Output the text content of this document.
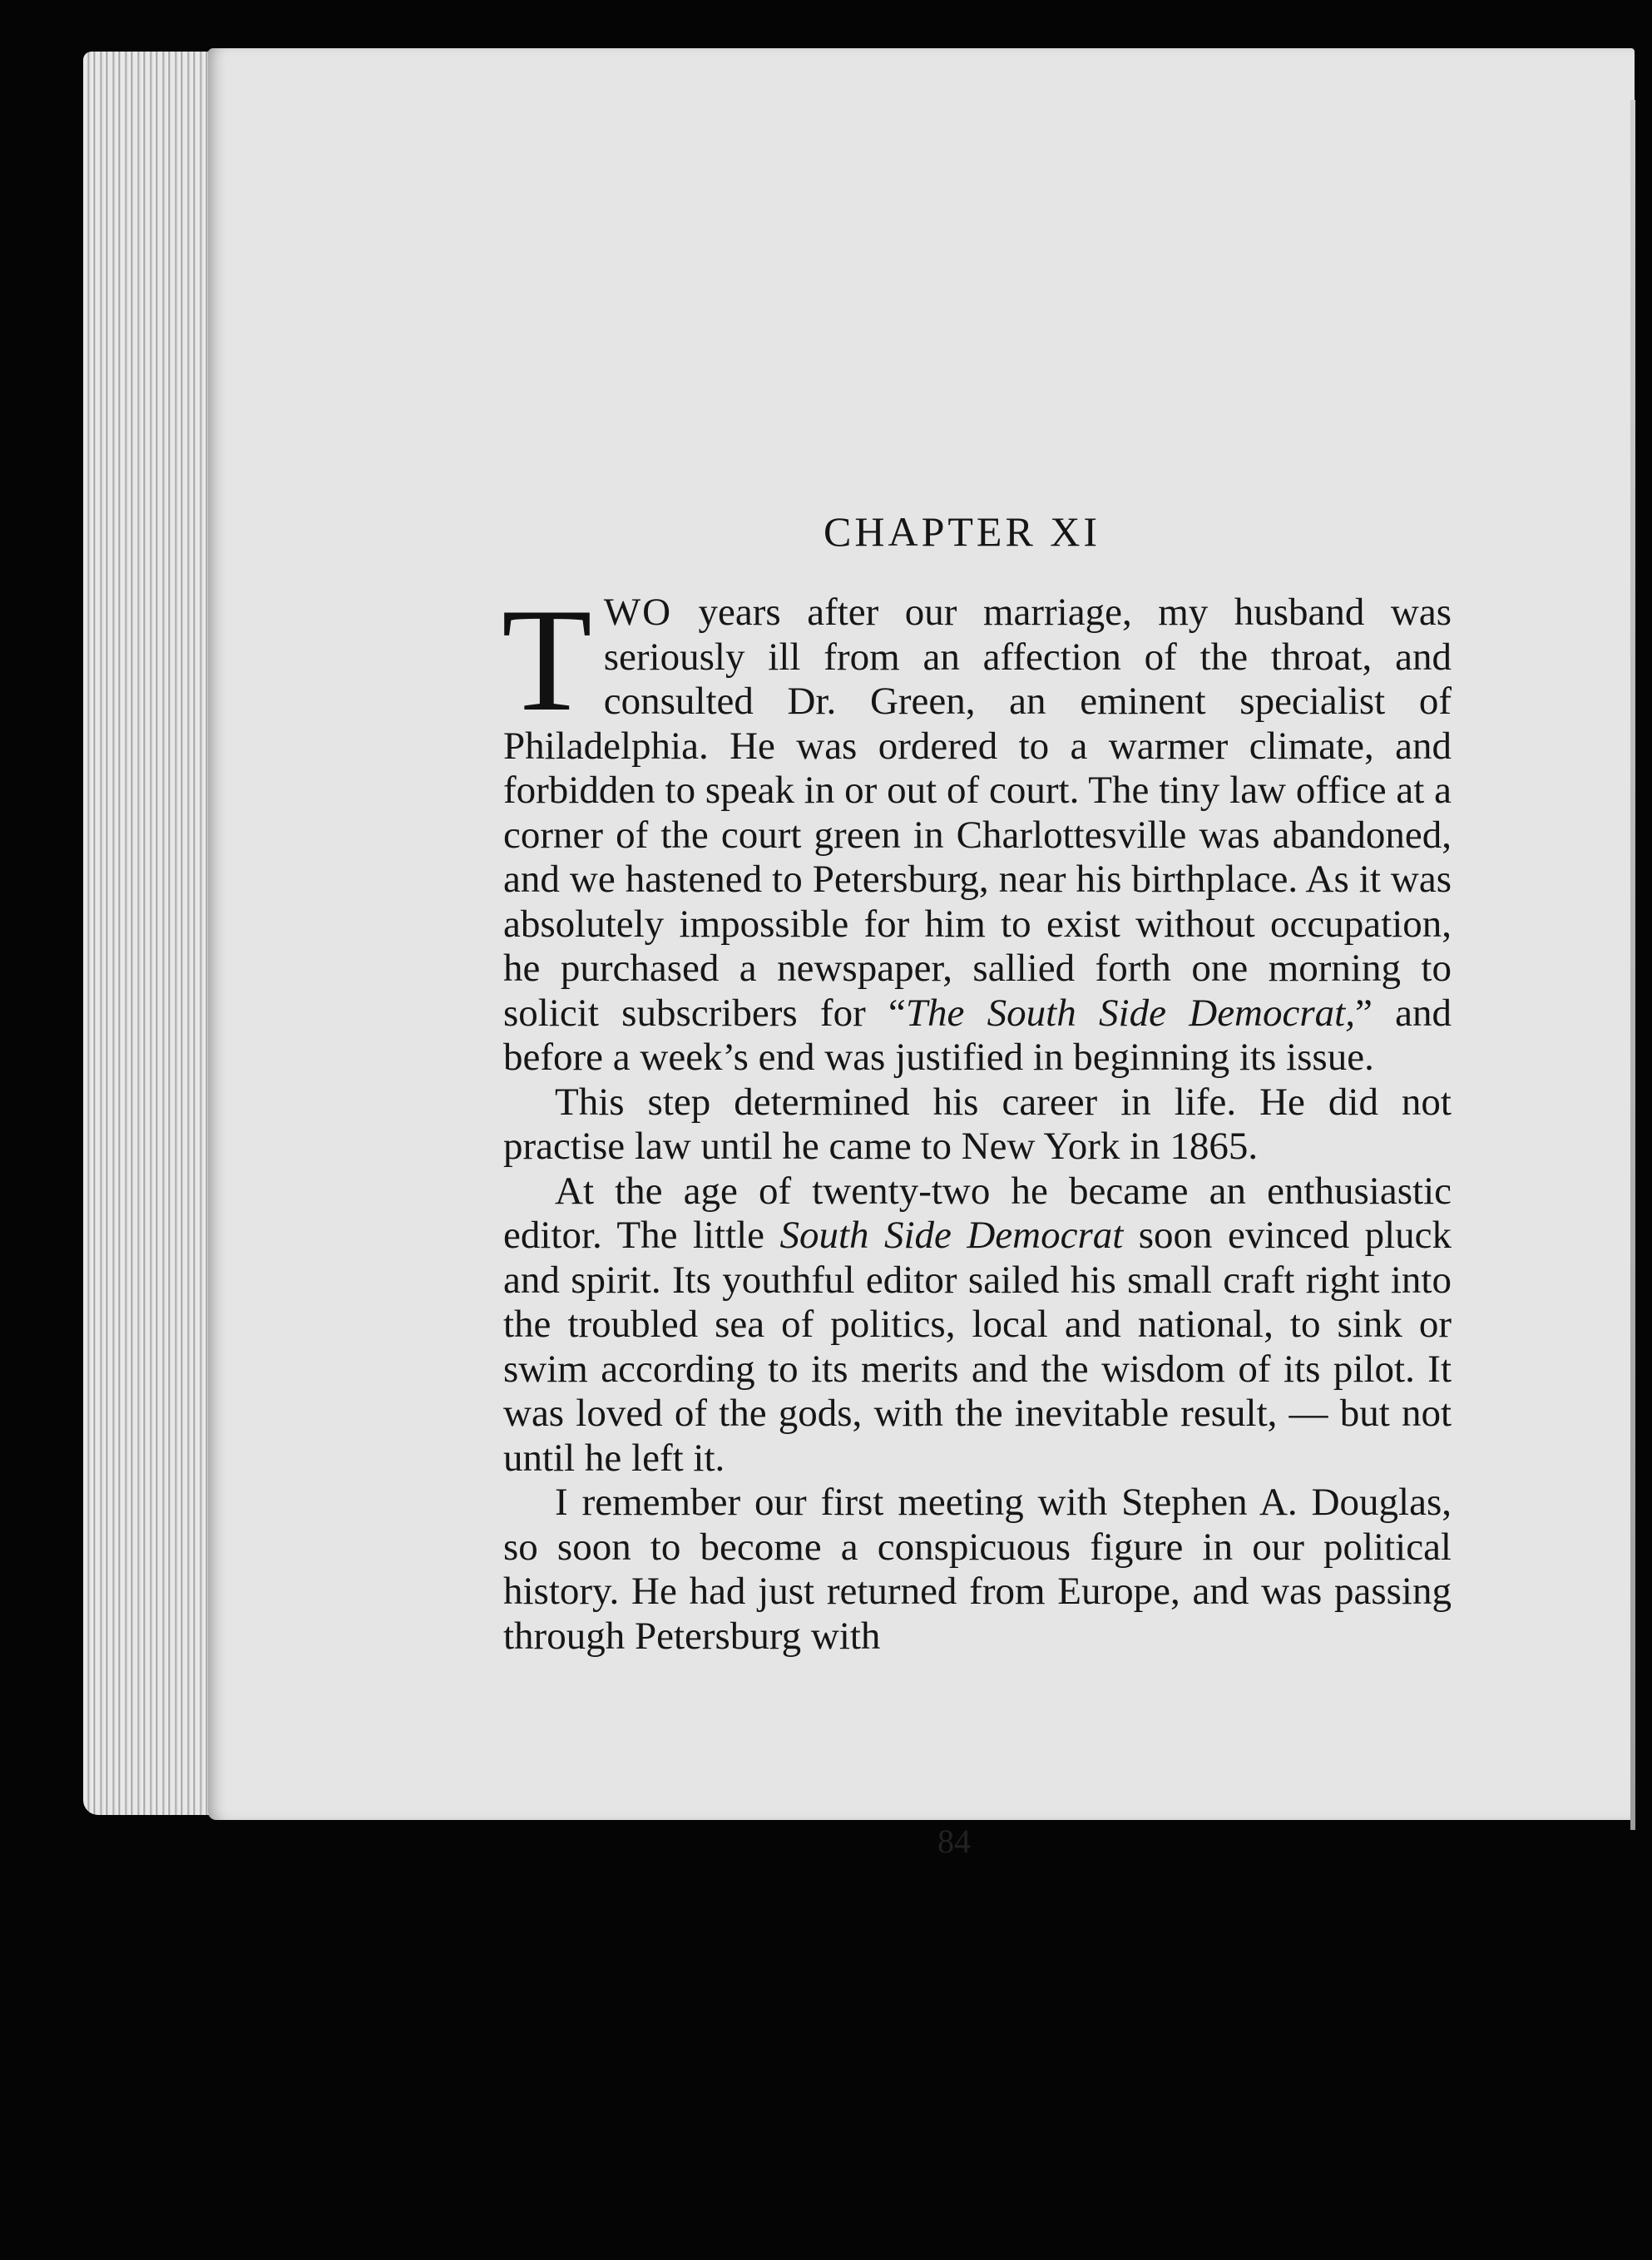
CHAPTER XI

TWO years after our marriage, my husband was seriously ill from an affection of the throat, and consulted Dr. Green, an eminent specialist of Philadelphia. He was ordered to a warmer climate, and forbidden to speak in or out of court. The tiny law office at a corner of the court green in Charlottesville was abandoned, and we hastened to Petersburg, near his birthplace. As it was absolutely impossible for him to exist without occupation, he purchased a newspaper, sallied forth one morning to solicit subscribers for “The South Side Democrat,” and before a week’s end was justified in beginning its issue.

This step determined his career in life. He did not practise law until he came to New York in 1865.

At the age of twenty-two he became an enthusiastic editor. The little South Side Democrat soon evinced pluck and spirit. Its youthful editor sailed his small craft right into the troubled sea of politics, local and national, to sink or swim according to its merits and the wisdom of its pilot. It was loved of the gods, with the inevitable result, — but not until he left it.

I remember our first meeting with Stephen A. Douglas, so soon to become a conspicuous figure in our political history. He had just returned from Europe, and was passing through Petersburg with

84
